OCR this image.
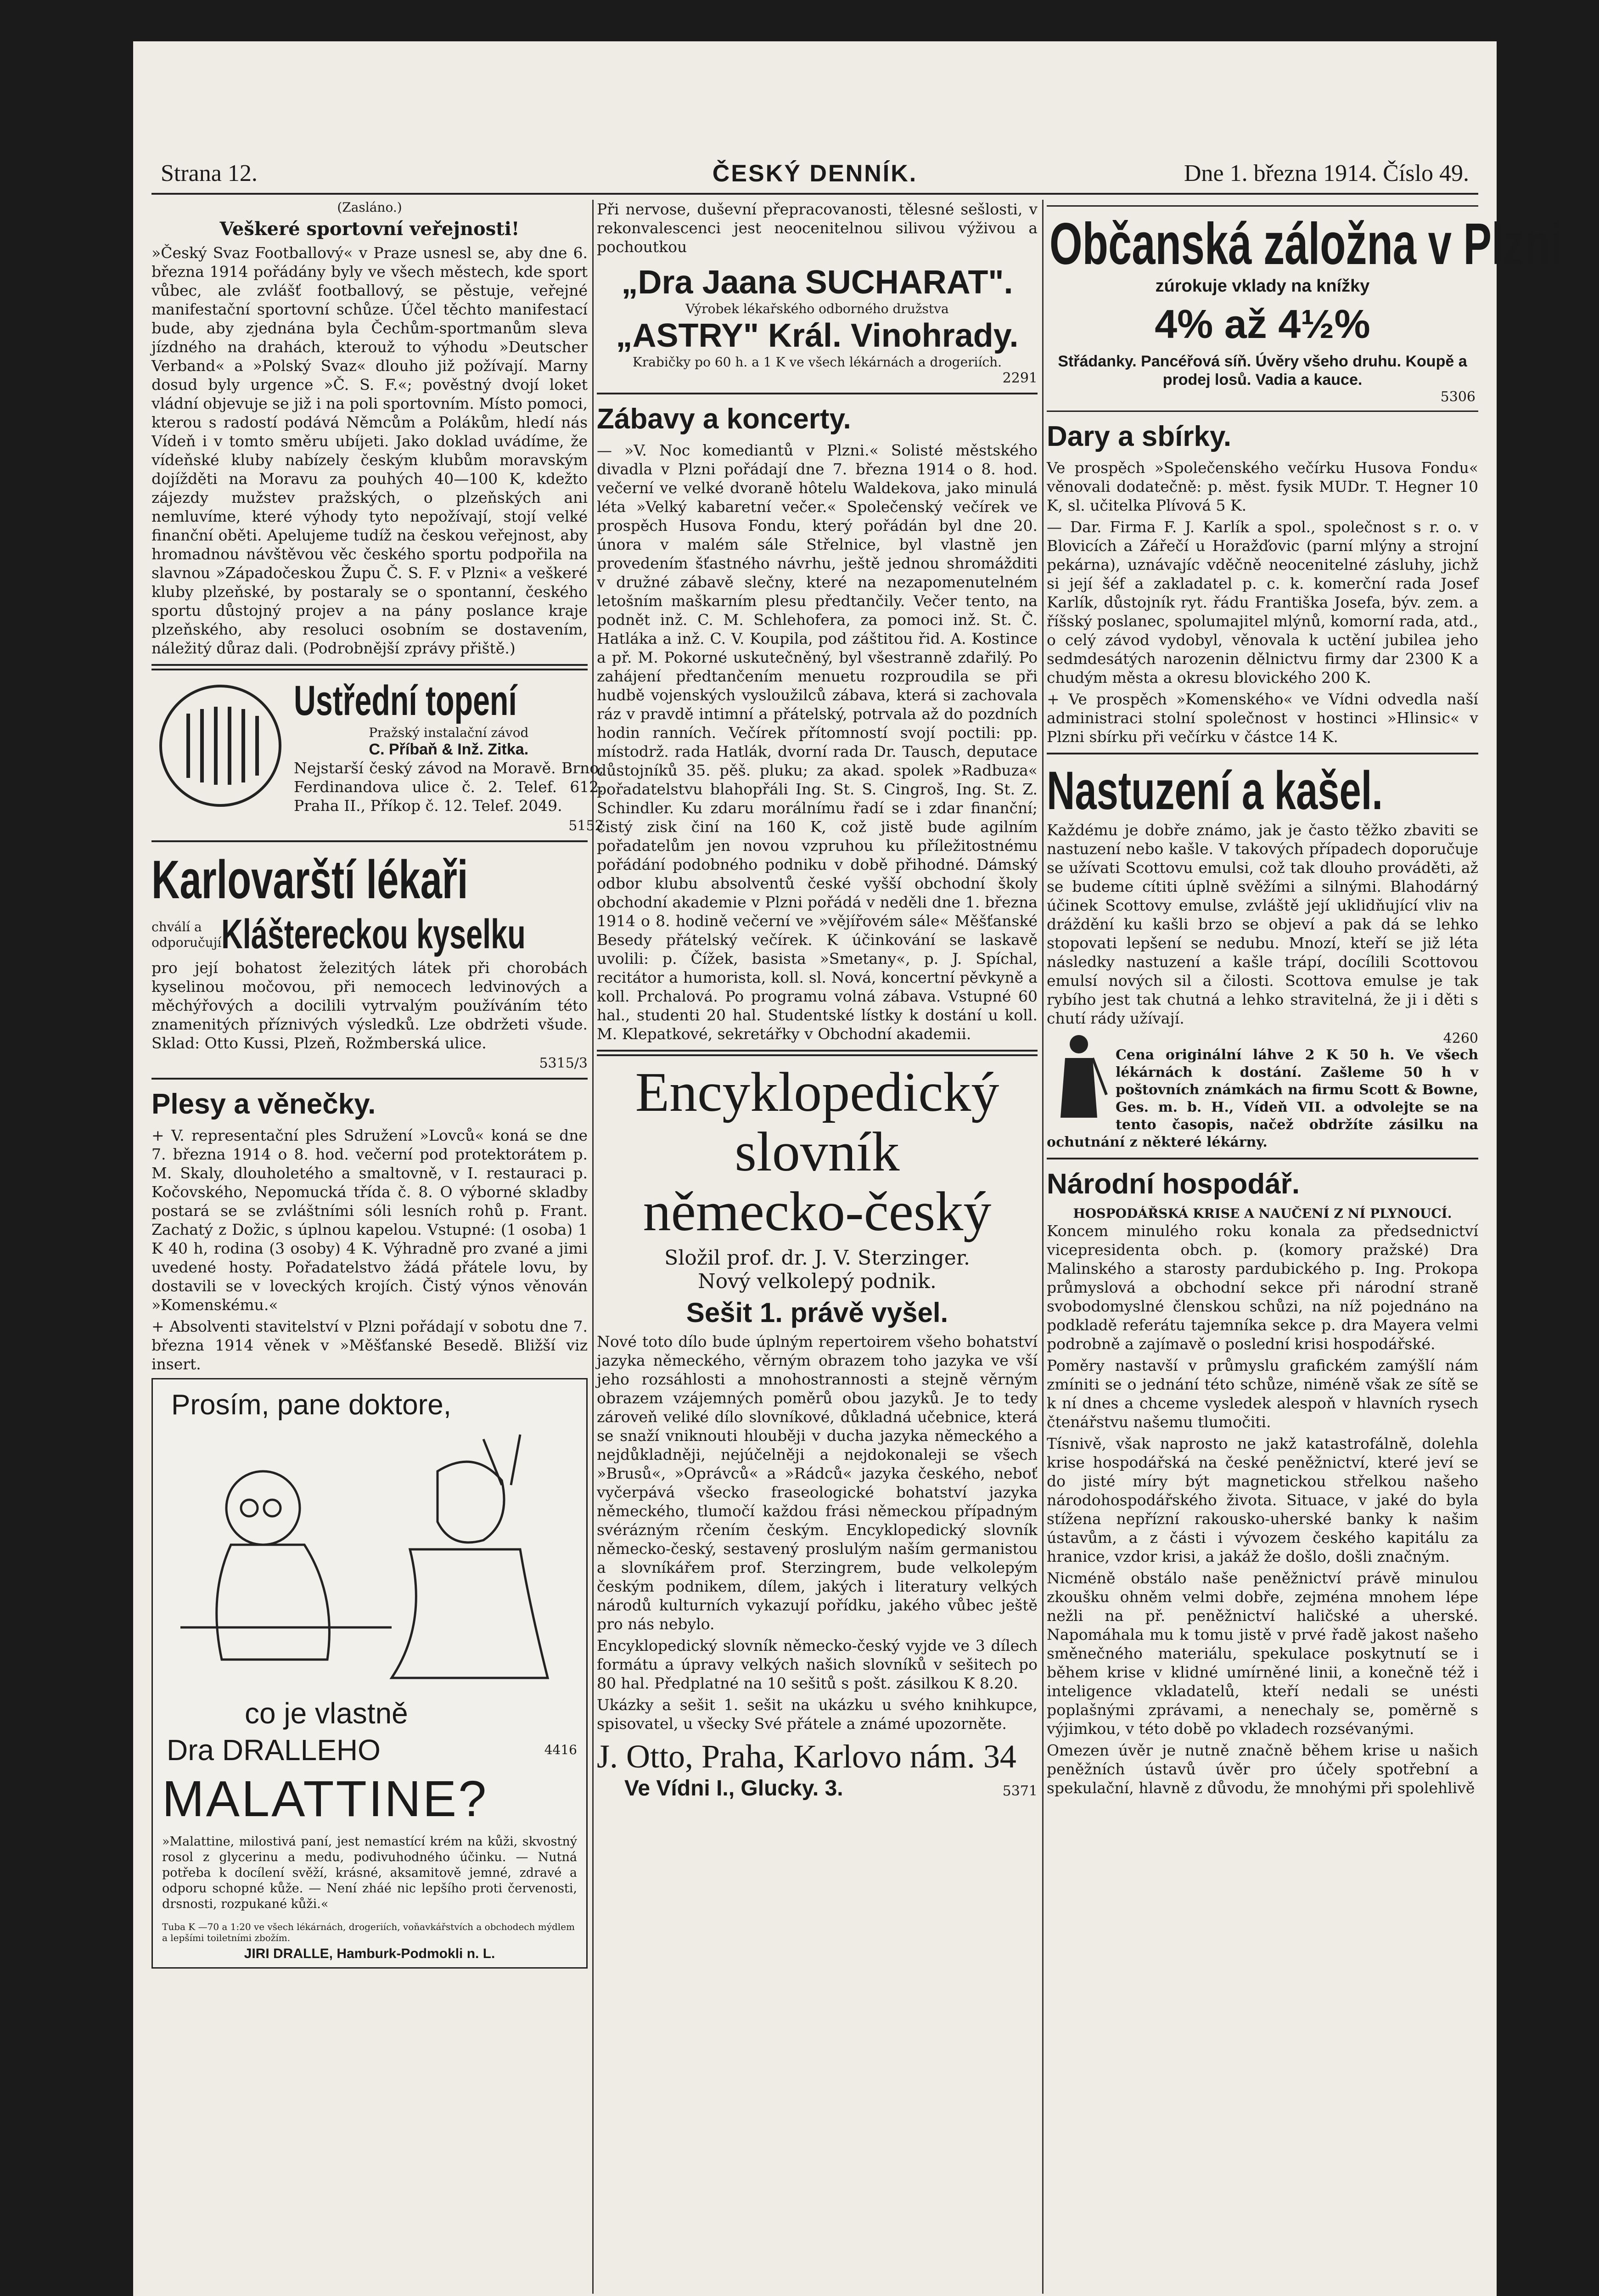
Strana 12.	ČESKÝ DENNÍK.	Dne 1. března 1914. Číslo 49.
(Zasláno.)
Veškeré sportovní veřejnosti!

»Český Svaz Footballový« v Praze usnesl se, aby dne 6. března 1914 pořádány byly ve všech městech, kde sport vůbec, ale zvlášť footballový, se pěstuje, veřejné manifestační sportovní schůze. Účel těchto manifestací bude, aby zjednána byla Čechům-sportmanům sleva jízdného na drahách, kterouž to výhodu »Deutscher Verband« a »Polský Svaz« dlouho již požívají. Marny dosud byly urgence »Č. S. F.«; pověstný dvojí loket vládní objevuje se již i na poli sportovním. Místo pomoci, kterou s radostí podává Němcům a Polákům, hledí nás Vídeň i v tomto směru ubíjeti. Jako doklad uvádíme, že vídeňské kluby nabízely českým klubům moravským dojížděti na Moravu za pouhých 40—100 K, kdežto zájezdy mužstev pražských, o plzeňských ani nemluvíme, které výhody tyto nepožívají, stojí velké finanční oběti. Apelujeme tudíž na českou veřejnost, aby hromadnou návštěvou věc českého sportu podpořila na slavnou »Západočeskou Župu Č. S. F. v Plzni« a veškeré kluby plzeňské, by postaraly se o spontanní, českého sportu důstojný projev a na pány poslance kraje plzeňského, aby resoluci osobním se dostavením, náležitý důraz dali. (Podrobnější zprávy přiště.)

Ustřední topení
Pražský instalační závod
C. Příbaň & Inž. Zitka.

Nejstarší český závod na Moravě. Brno, Ferdinandova ulice č. 2. Telef. 612. Praha II., Příkop č. 12. Telef. 2049.

5152
Karlovarští lékaři
chválí a odporučují Kláštereckou kyselku

pro její bohatost železitých látek při chorobách kyselinou močovou, při nemocech ledvinových a měchýřových a docilili vytrvalým používáním této znamenitých příznivých výsledků. Lze obdržeti všude. Sklad: Otto Kussi, Plzeň, Rožmberská ulice.

5315/3
Plesy a věnečky.

+ V. representační ples Sdružení »Lovců« koná se dne 7. března 1914 o 8. hod. večerní pod protektorátem p. M. Skaly, dlouholetého a smaltovně, v I. restauraci p. Kočovského, Nepomucká třída č. 8. O výborné skladby postará se se zvláštními sóli lesních rohů p. Frant. Zachatý z Dožic, s úplnou kapelou. Vstupné: (1 osoba) 1 K 40 h, rodina (3 osoby) 4 K. Výhradně pro zvané a jimi uvedené hosty. Pořadatelstvo žádá přátele lovu, by dostavili se v loveckých krojích. Čistý výnos věnován »Komenskému.«

+ Absolventi stavitelství v Plzni pořádají v sobotu dne 7. března 1914 věnek v »Měšťanské Besedě. Bližší viz insert.

Prosím, pane doktore,
co je vlastně
Dra DRALLEHO	4416
MALATTINE?
»Malattine, milostivá paní, jest nemastící krém na kůži, skvostný rosol z glycerinu a medu, podivuhodného účinku. — Nutná potřeba k docílení svěží, krásné, aksamitově jemné, zdravé a odporu schopné kůže. — Není zháé nic lepšího proti červenosti, drsnosti, rozpukané kůži.«
Tuba K —70 a 1:20 ve všech lékárnách, drogeriích, voňavkářstvích a obchodech mýdlem a lepšími toiletními zbožím.
JIRI DRALLE, Hamburk-Podmokli n. L.

Při nervose, duševní přepracovanosti, tělesné sešlosti, v rekonvalescenci jest neocenitelnou silivou výživou a pochoutkou

„Dra Jaana SUCHARAT".
Výrobek lékařského odborného družstva
„ASTRY" Král. Vinohrady.
Krabičky po 60 h. a 1 K ve všech lékárnách a drogeriích.
2291
Zábavy a koncerty.

— »V. Noc komediantů v Plzni.« Solisté městského divadla v Plzni pořádají dne 7. března 1914 o 8. hod. večerní ve velké dvoraně hôtelu Waldekova, jako minulá léta »Velký kabaretní večer.« Společenský večírek ve prospěch Husova Fondu, který pořádán byl dne 20. února v malém sále Střelnice, byl vlastně jen provedením šťastného návrhu, ještě jednou shromážditi v družné zábavě slečny, které na nezapomenutelném letošním maškarním plesu předtančily. Večer tento, na podnět inž. C. M. Schlehofera, za pomoci inž. St. Č. Hatláka a inž. C. V. Koupila, pod záštitou řid. A. Kostince a př. M. Pokorné uskutečněný, byl všestranně zdařilý. Po zahájení předtančením menuetu rozproudila se při hudbě vojenských vysloužilců zábava, která si zachovala ráz v pravdě intimní a přátelský, potrvala až do pozdních hodin ranních. Večírek přítomností svojí poctili: pp. místodrž. rada Hatlák, dvorní rada Dr. Tausch, deputace důstojníků 35. pěš. pluku; za akad. spolek »Radbuza« pořadatelstvu blahopřáli Ing. St. S. Cingroš, Ing. St. Z. Schindler. Ku zdaru morálnímu řadí se i zdar finanční; čistý zisk činí na 160 K, což jistě bude agilním pořadatelům jen novou vzpruhou ku příležitostnému pořádání podobného podniku v době přihodné. Dámský odbor klubu absolventů české vyšší obchodní školy obchodní akademie v Plzni pořádá v neděli dne 1. března 1914 o 8. hodině večerní ve »vějířovém sále« Měšťanské Besedy přátelský večírek. K účinkování se laskavě uvolili: p. Čížek, basista »Smetany«, p. J. Spíchal, recitátor a humorista, koll. sl. Nová, koncertní pěvkyně a koll. Prchalová. Po programu volná zábava. Vstupné 60 hal., studenti 20 hal. Studentské lístky k dostání u koll. M. Klepatkové, sekretářky v Obchodní akademii.

Encyklopedický
slovník
německo-český
Složil prof. dr. J. V. Sterzinger.
Nový velkolepý podnik.
Sešit 1. právě vyšel.

Nové toto dílo bude úplným repertoirem všeho bohatství jazyka německého, věrným obrazem toho jazyka ve vší jeho rozsáhlosti a mnohostrannosti a stejně věrným obrazem vzájemných poměrů obou jazyků. Je to tedy zároveň veliké dílo slovníkové, důkladná učebnice, která se snaží vniknouti hlouběji v ducha jazyka německého a nejdůkladněji, nejúčelněji a nejdokonaleji se všech »Brusů«, »Oprávců« a »Rádců« jazyka českého, neboť vyčerpává všecko fraseologické bohatství jazyka německého, tlumočí každou frási německou případným svérázným rčením českým. Encyklopedický slovník německo-český, sestavený proslulým naším germanistou a slovníkářem prof. Sterzingrem, bude velkolepým českým podnikem, dílem, jakých i literatury velkých národů kulturních vykazují pořídku, jakého vůbec ještě pro nás nebylo.

Encyklopedický slovník německo-český vyjde ve 3 dílech formátu a úpravy velkých našich slovníků v sešitech po 80 hal. Předplatné na 10 sešitů s pošt. zásilkou K 8.20.

Ukázky a sešit 1. sešit na ukázku u svého knihkupce, spisovatel, u všecky Své přátele a známé upozorněte.

J. Otto, Praha, Karlovo nám. 34
Ve Vídni I., Glucky. 3.	5371
Občanská záložna v Plzni
zúrokuje vklady na knížky
4% až 4½%
Střádanky. Pancéřová síň. Úvěry všeho druhu. Koupě a prodej losů. Vadia a kauce.
5306
Dary a sbírky.

Ve prospěch »Společenského večírku Husova Fondu« věnovali dodatečně: p. měst. fysik MUDr. T. Hegner 10 K, sl. učitelka Plívová 5 K.

— Dar. Firma F. J. Karlík a spol., společnost s r. o. v Blovicích a Zářečí u Horažďovic (parní mlýny a strojní pekárna), uznávajíc vděčně neocenitelné zásluhy, jichž si její šéf a zakladatel p. c. k. komerční rada Josef Karlík, důstojník ryt. řádu Františka Josefa, býv. zem. a říšský poslanec, spolumajitel mlýnů, komorní rada, atd., o celý závod vydobyl, věnovala k uctění jubilea jeho sedmdesátých narozenin dělnictvu firmy dar 2300 K a chudým města a okresu blovického 200 K.

+ Ve prospěch »Komenského« ve Vídni odvedla naší administraci stolní společnost v hostinci »Hlinsic« v Plzni sbírku při večírku v částce 14 K.

Nastuzení a kašel.

Každému je dobře známo, jak je často těžko zbaviti se nastuzení nebo kašle. V takových případech doporučuje se užívati Scottovu emulsi, což tak dlouho prováděti, až se budeme cítiti úplně svěžími a silnými. Blahodárný účinek Scottovy emulse, zvláště její uklidňující vliv na dráždění ku kašli brzo se objeví a pak dá se lehko stopovati lepšení se nedubu. Mnozí, kteří se již léta následky nastuzení a kašle trápí, docílili Scottovou emulsí nových sil a čilosti. Scottova emulse je tak rybího jest tak chutná a lehko stravitelná, že ji i děti s chutí rády užívají.

4260

Cena originální láhve 2 K 50 h. Ve všech lékárnách k dostání. Zašleme 50 h v poštovních známkách na firmu Scott & Bowne, Ges. m. b. H., Vídeň VII. a odvolejte se na tento časopis, načež obdržíte zásilku na ochutnání z některé lékárny.

Národní hospodář.
HOSPODÁŘSKÁ KRISE A NAUČENÍ Z NÍ PLYNOUCÍ.

Koncem minulého roku konala za předsednictví vicepresidenta obch. p. (komory pražské) Dra Malinského a starosty pardubického p. Ing. Prokopa průmyslová a obchodní sekce při národní straně svobodomyslné členskou schůzi, na níž pojednáno na podkladě referátu tajemníka sekce p. dra Mayera velmi podrobně a zajímavě o poslední krisi hospodářské.

Poměry nastavší v průmyslu grafickém zamýšlí nám zmíniti se o jednání této schůze, niméně však ze sítě se k ní dnes a chceme vysledek alespoň v hlavních rysech čtenářstvu našemu tlumočiti.

Tísnivě, však naprosto ne jakž katastrofálně, dolehla krise hospodářská na české peněžnictví, které jeví se do jisté míry být magnetickou střelkou našeho národohospodářského života. Situace, v jaké do byla stížena nepřízní rakousko-uherské banky k našim ústavům, a z části i vývozem českého kapitálu za hranice, vzdor krisi, a jakáž že došlo, došli značným.

Nicméně obstálo naše peněžnictví právě minulou zkoušku ohněm velmi dobře, zejména mnohem lépe nežli na př. peněžnictví haličské a uherské. Napomáhala mu k tomu jistě v prvé řadě jakost našeho směnečného materiálu, spekulace poskytnutí se i během krise v klidné umírněné linii, a konečně též i inteligence vkladatelů, kteří nedali se unésti poplašnými zprávami, a nenechaly se, poměrně s výjimkou, v této době po vkladech rozsévanými.

Omezen úvěr je nutně značně během krise u našich peněžních ústavů úvěr pro účely spotřební a spekulační, hlavně z důvodu, že mnohými při spolehlivě
